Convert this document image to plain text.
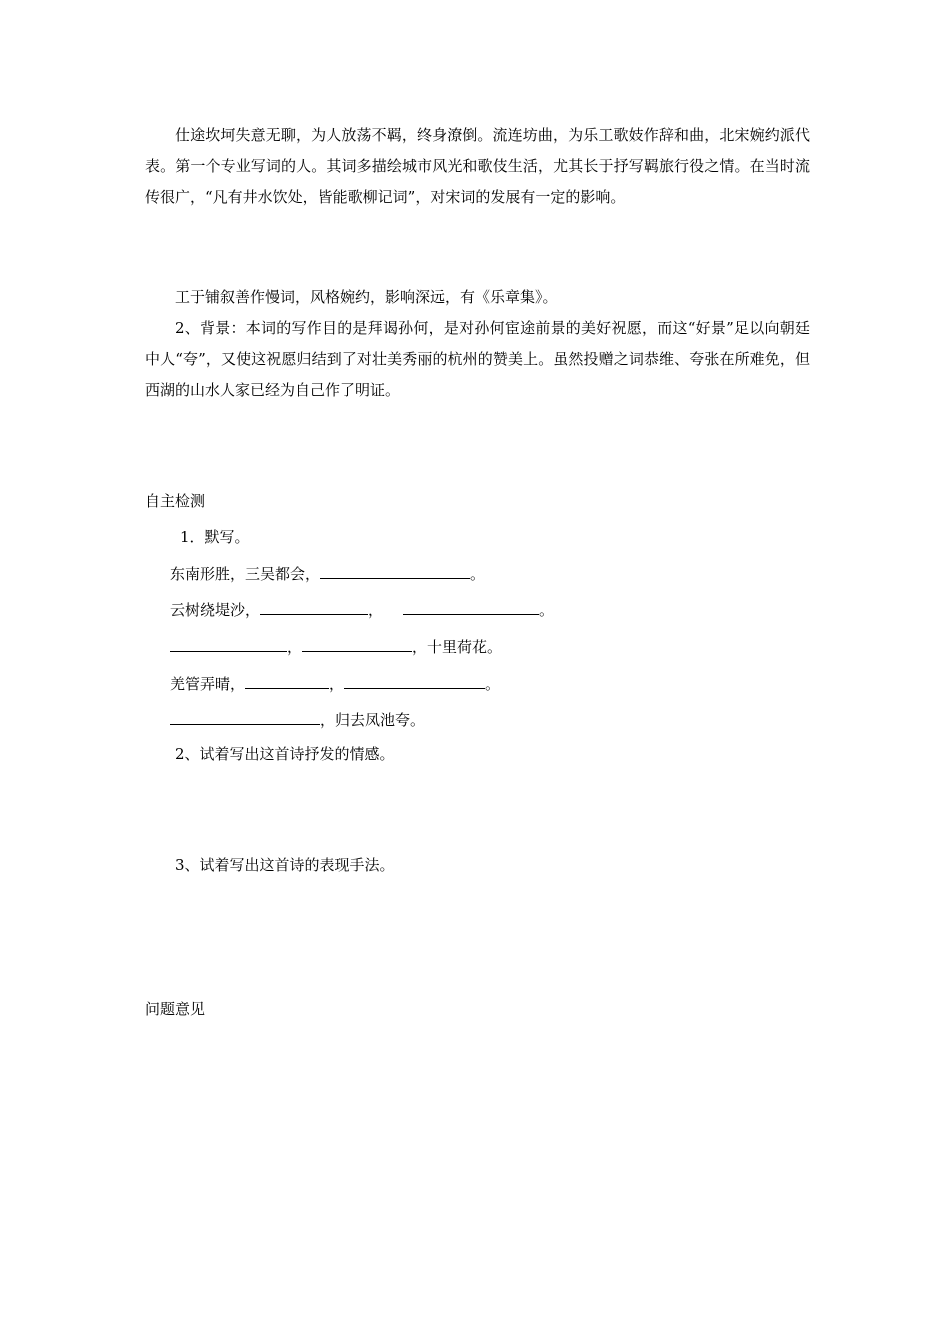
仕途坎坷失意无聊，为人放荡不羁，终身潦倒。流连坊曲，为乐工歌妓作辞和曲，北宋婉约派代表。第一个专业写词的人。其词多描绘城市风光和歌伎生活，尤其长于抒写羁旅行役之情。在当时流传很广，“凡有井水饮处，皆能歌柳记词”，对宋词的发展有一定的影响。

工于铺叙善作慢词，风格婉约，影响深远，有《乐章集》。

2、背景：本词的写作目的是拜谒孙何，是对孙何宦途前景的美好祝愿，而这“好景”足以向朝廷中人“夸”，又使这祝愿归结到了对壮美秀丽的杭州的赞美上。虽然投赠之词恭维、夸张在所难免，但西湖的山水人家已经为自己作了明证。

自主检测

1．默写。

东南形胜，三吴都会，	。

云树绕堤沙，	，	。

，	，十里荷花。

羌管弄晴，	，	。

，归去凤池夸。

2、试着写出这首诗抒发的情感。

3、试着写出这首诗的表现手法。

问题意见
